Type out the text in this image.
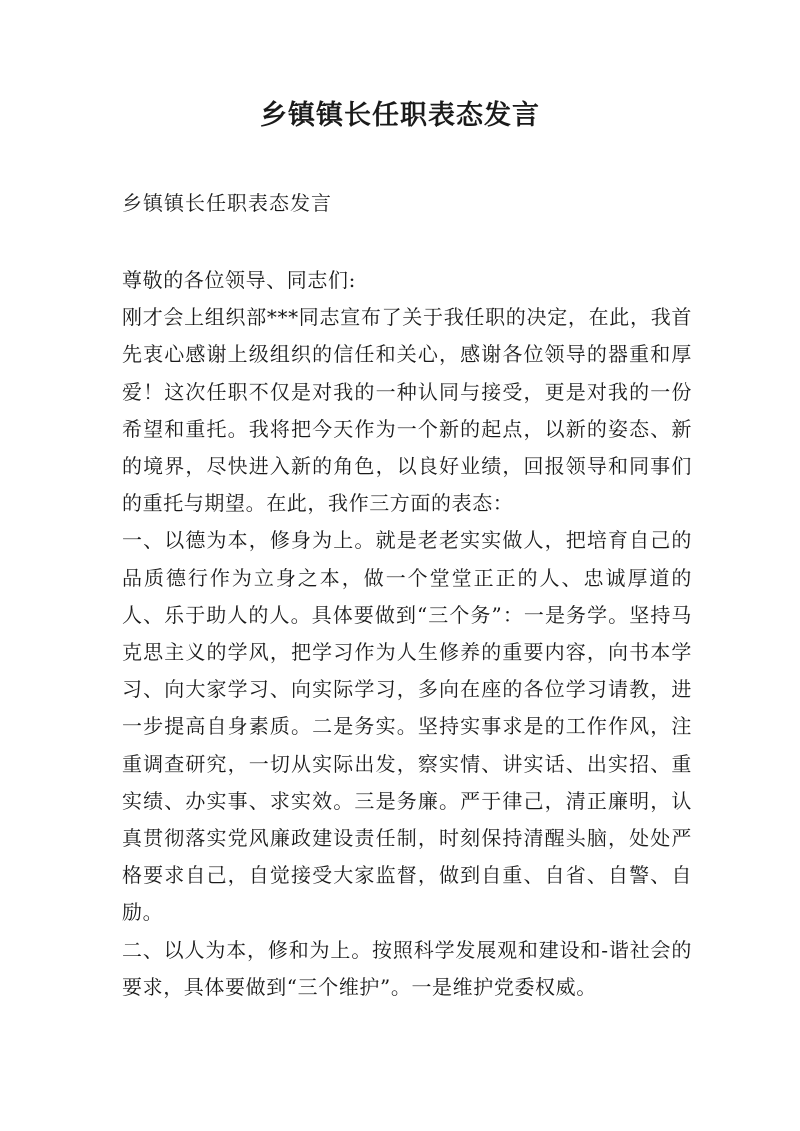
乡镇镇长任职表态发言

乡镇镇长任职表态发言

尊敬的各位领导、同志们:

刚才会上组织部***同志宣布了关于我任职的决定，在此，我首先衷心感谢上级组织的信任和关心，感谢各位领导的器重和厚爱！这次任职不仅是对我的一种认同与接受，更是对我的一份希望和重托。我将把今天作为一个新的起点，以新的姿态、新的境界，尽快进入新的角色，以良好业绩，回报领导和同事们的重托与期望。在此，我作三方面的表态：

一、以德为本，修身为上。就是老老实实做人，把培育自己的品质德行作为立身之本，做一个堂堂正正的人、忠诚厚道的人、乐于助人的人。具体要做到“三个务”：一是务学。坚持马克思主义的学风，把学习作为人生修养的重要内容，向书本学习、向大家学习、向实际学习，多向在座的各位学习请教，进一步提高自身素质。二是务实。坚持实事求是的工作作风，注重调查研究，一切从实际出发，察实情、讲实话、出实招、重实绩、办实事、求实效。三是务廉。严于律己，清正廉明，认真贯彻落实党风廉政建设责任制，时刻保持清醒头脑，处处严格要求自己，自觉接受大家监督，做到自重、自省、自警、自励。

二、以人为本，修和为上。按照科学发展观和建设和-谐社会的要求，具体要做到“三个维护”。一是维护党委权威。
